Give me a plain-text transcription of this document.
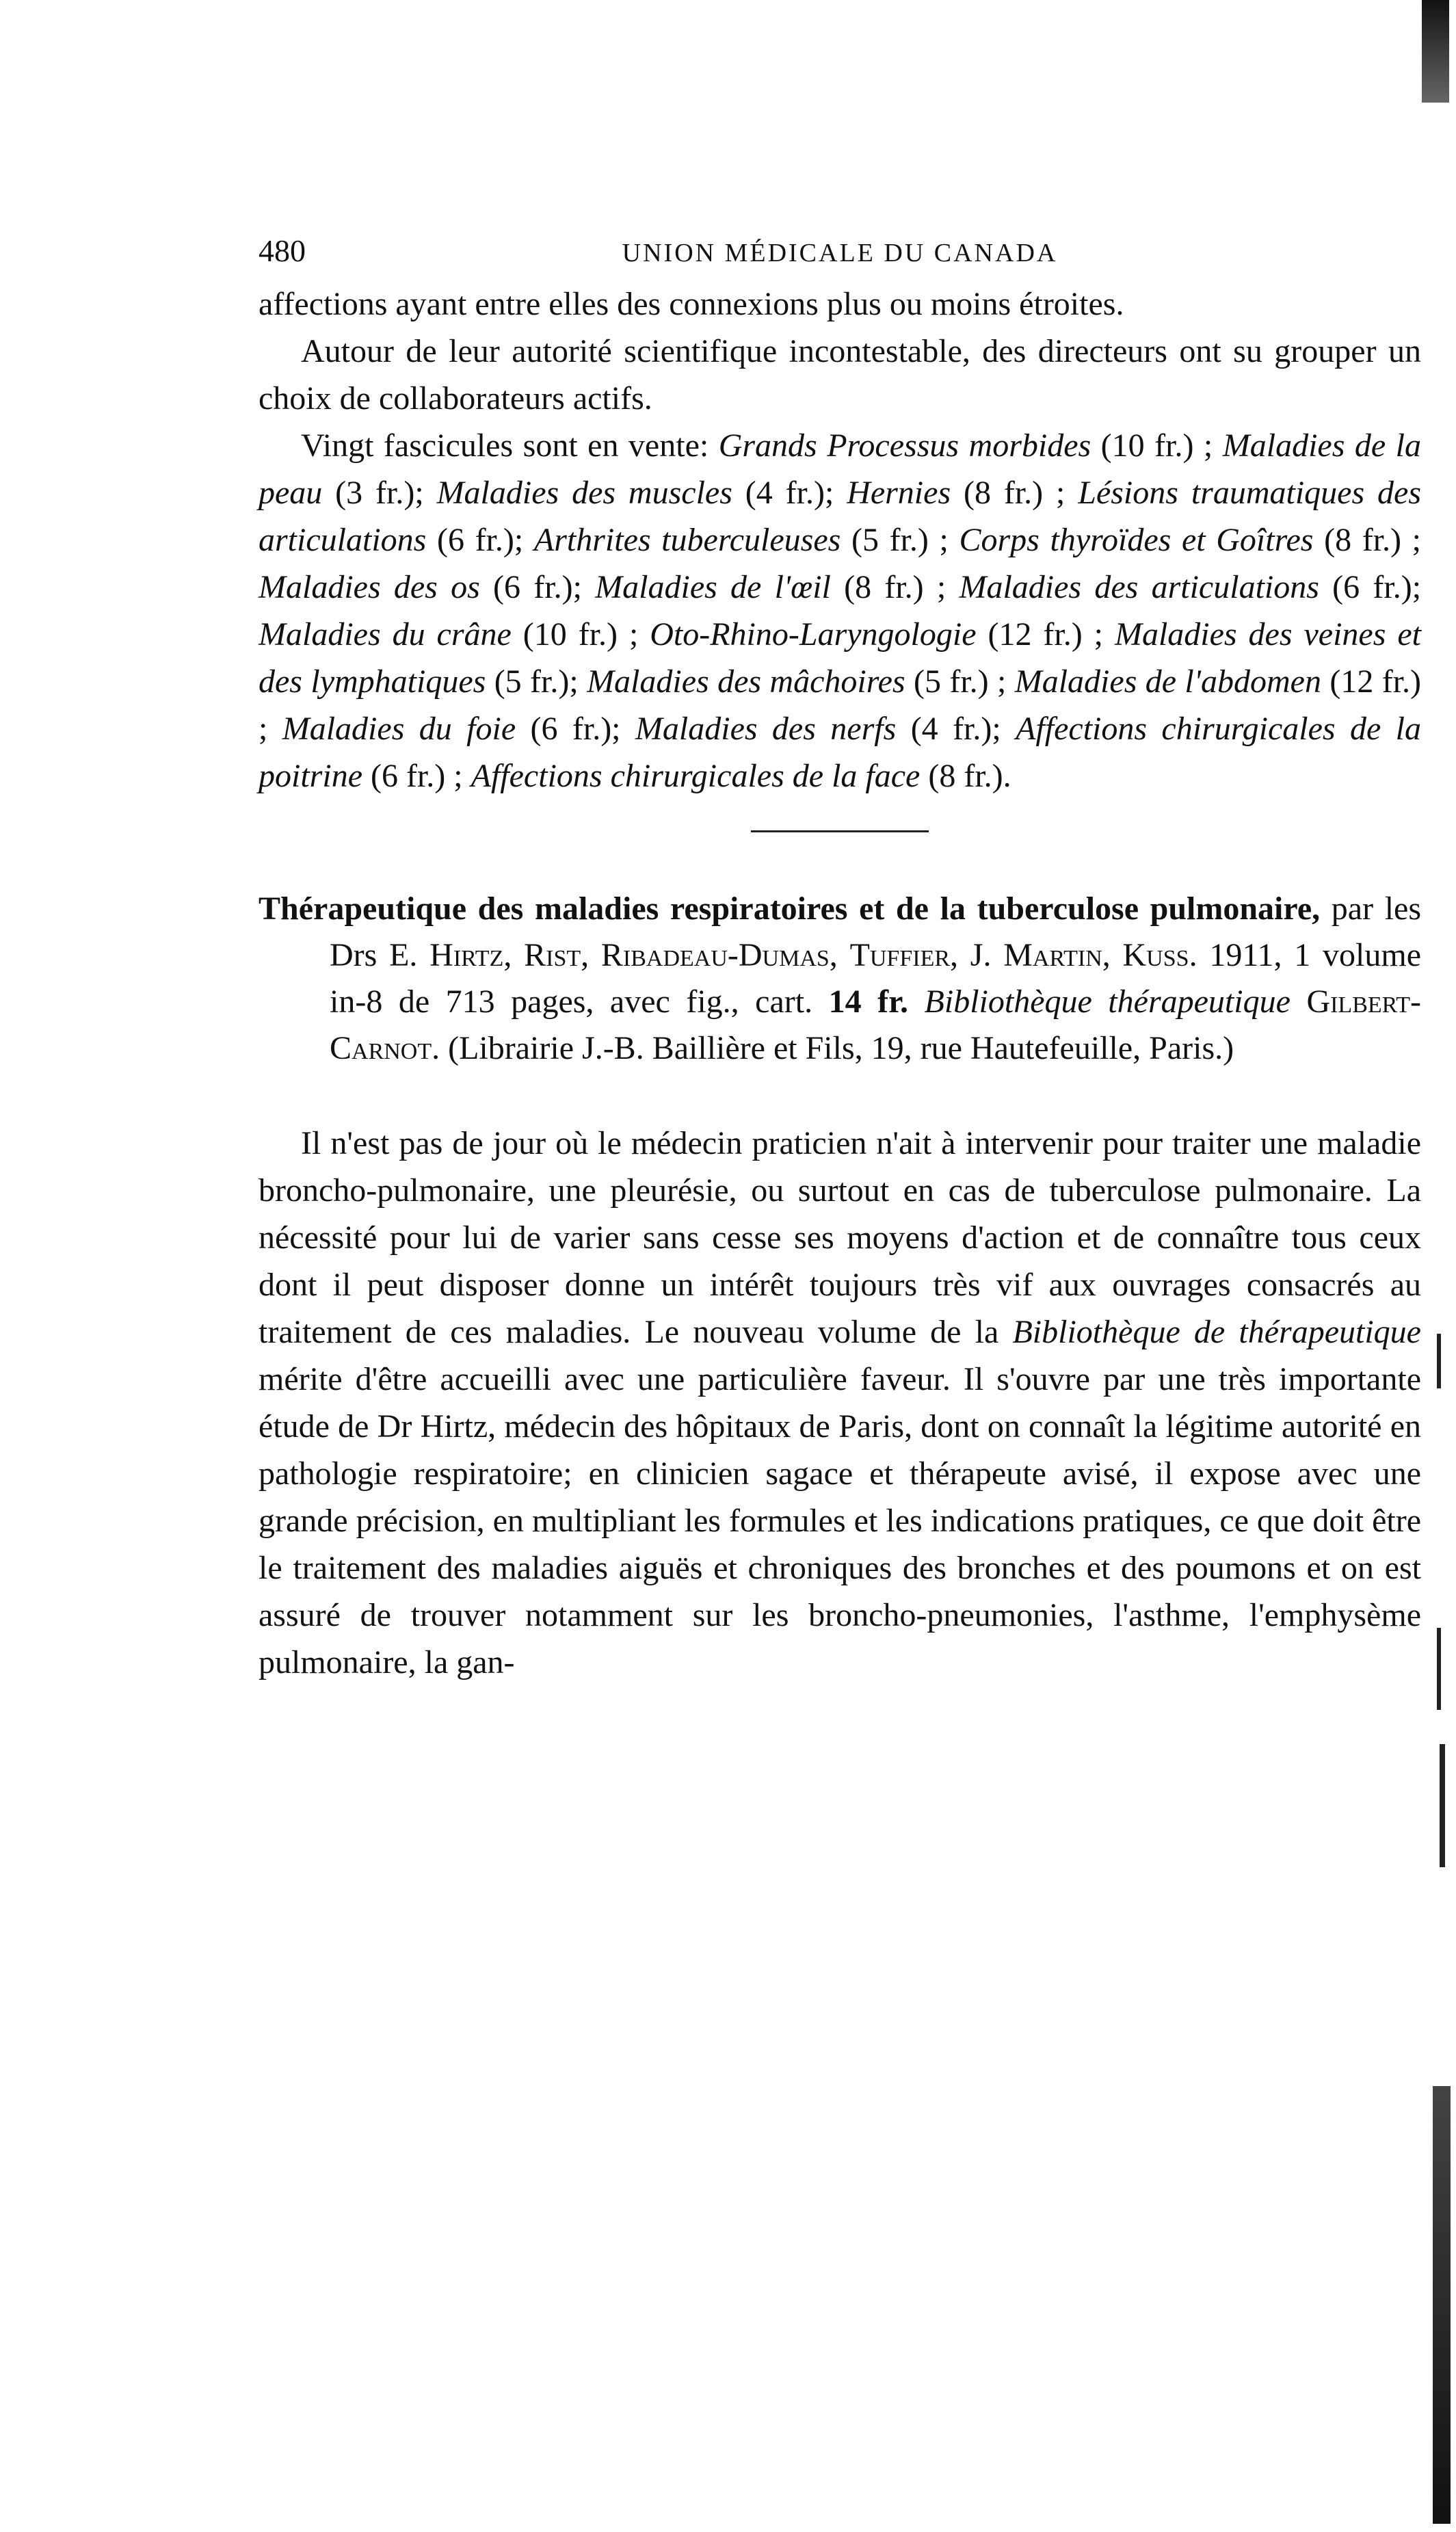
480	UNION MÉDICALE DU CANADA

affections ayant entre elles des connexions plus ou moins étroites.

Autour de leur autorité scientifique incontestable, des directeurs ont su grouper un choix de collaborateurs actifs.

Vingt fascicules sont en vente: Grands Processus morbides (10 fr.) ; Maladies de la peau (3 fr.); Maladies des muscles (4 fr.); Hernies (8 fr.) ; Lésions traumatiques des articulations (6 fr.); Arthrites tuberculeuses (5 fr.) ; Corps thyroïdes et Goîtres (8 fr.) ; Maladies des os (6 fr.); Maladies de l'œil (8 fr.) ; Maladies des articulations (6 fr.); Maladies du crâne (10 fr.) ; Oto-Rhino-Laryngologie (12 fr.) ; Maladies des veines et des lymphatiques (5 fr.); Maladies des mâchoires (5 fr.) ; Maladies de l'abdomen (12 fr.) ; Maladies du foie (6 fr.); Maladies des nerfs (4 fr.); Affections chirurgicales de la poitrine (6 fr.) ; Affections chirurgicales de la face (8 fr.).

Thérapeutique des maladies respiratoires et de la tuberculose pulmonaire, par les Drs E. Hirtz, Rist, Ribadeau-Dumas, Tuffier, J. Martin, Kuss. 1911, 1 volume in-8 de 713 pages, avec fig., cart. 14 fr. Bibliothèque thérapeutique Gilbert-Carnot. (Librairie J.-B. Baillière et Fils, 19, rue Hautefeuille, Paris.)

Il n'est pas de jour où le médecin praticien n'ait à intervenir pour traiter une maladie broncho-pulmonaire, une pleurésie, ou surtout en cas de tuberculose pulmonaire. La nécessité pour lui de varier sans cesse ses moyens d'action et de connaître tous ceux dont il peut disposer donne un intérêt toujours très vif aux ouvrages consacrés au traitement de ces maladies. Le nouveau volume de la Bibliothèque de thérapeutique mérite d'être accueilli avec une particulière faveur. Il s'ouvre par une très importante étude de Dr Hirtz, médecin des hôpitaux de Paris, dont on connaît la légitime autorité en pathologie respiratoire; en clinicien sagace et thérapeute avisé, il expose avec une grande précision, en multipliant les formules et les indications pratiques, ce que doit être le traitement des maladies aiguës et chroniques des bronches et des poumons et on est assuré de trouver notamment sur les broncho-pneumonies, l'asthme, l'emphysème pulmonaire, la gan-
